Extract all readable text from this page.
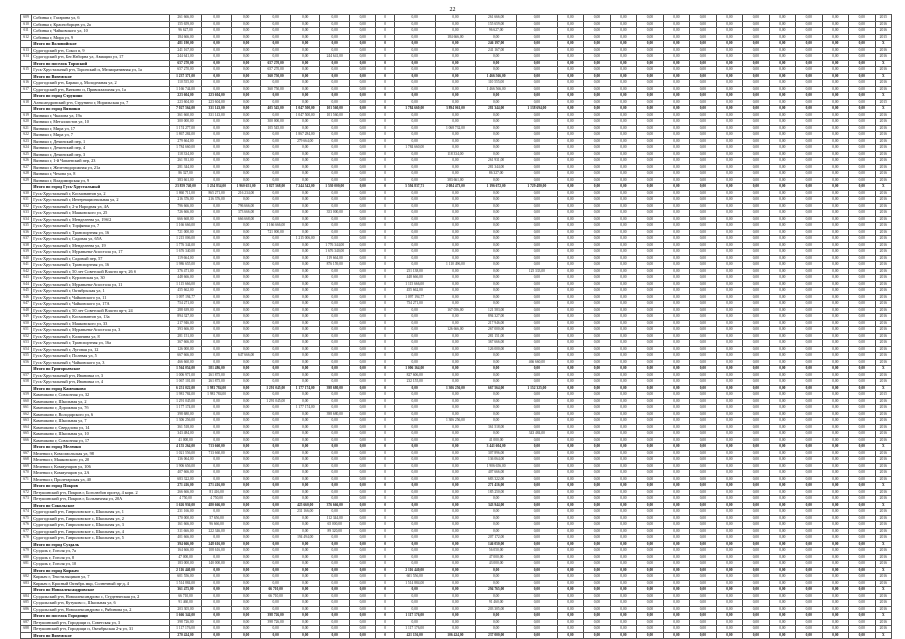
22
609	Собинка г, Гагарина ул, 6	261 666,00	0,00	0,00	0,00	0,00	0,00	0,00	0	0,00	0,00	261 666,00	0,00	0,00	0,00	0,00	0,00	0,00	0,00	0,00	0,00	0,00	0,00	0,00	0,00	2015
610	Собинка г, Красноборцев ул, 2а	155 659,00	0,00	0,00	0,00	0,00	0,00	0,00	0	0,00	0,00	155 659,00	0,00	0,00	0,00	0,00	0,00	0,00	0,00	0,00	0,00	0,00	0,00	0,00	0,00	2016
611	Собинка г, Чайковского ул, 10	96 627,00	0,00	0,00	0,00	0,00	0,00	0,00	0	0,00	0,00	96 627,00	0,00	0,00	0,00	0,00	0,00	0,00	0,00	0,00	0,00	0,00	0,00	0,00	0,00	2016
612	Собинка г, Мира ул, 9	184 666,00	0,00	0,00	0,00	0,00	0,00	0,00	0	0,00	184 666,00	0,00	0,00	0,00	0,00	0,00	0,00	0,00	0,00	0,00	0,00	0,00	0,00	0,00	0,00	2015
	Итого по Воловийское	481 190,00	0,00	0,00	0,00	0,00	0,00	0,00	0	0,00	0,00	246 197,00	0,00	0,00	0,00	0,00	0,00	0,00	0,00	0,00	0,00	0,00	0,00	0,00	0,00	X
613	Судогодский р-н, Сокол п, 9	241 167,00	0,00	0,00	0,00	0,00	0,00	0,00	0	0,00	0,00	241 167,00	0,00	0,00	0,00	0,00	0,00	0,00	0,00	0,00	0,00	0,00	0,00	0,00	0,00	2016
614	Судогодский р-н, Бег.Наборна ул, Авиации ул, 17	244 641,00	0,00	0,00	0,00	0,00	244 641,00	0,00	0	0,00	0,00	0,00	0,00	0,00	0,00	0,00	0,00	0,00	0,00	0,00	0,00	0,00	0,00	0,00	0,00	2016
	Итого по поселок Торнский	657 270,00	0,00	0,00	657 270,00	0,00	0,00	0,00	0	0,00	0,00	0,00	0,00	0,00	0,00	0,00	0,00	0,00	0,00	0,00	0,00	0,00	0,00	0,00	0,00	X
615	Гусь-Хрустальный р-н, Торонский п, Мелиоративная ул, 1а	657 270,00	0,00	0,00	657 270,00	0,00	0,00	0,00	0	0,00	0,00	0,00	0,00	0,00	0,00	0,00	0,00	0,00	0,00	0,00	0,00	0,00	0,00	0,00	0,00	2016
	Итого по Вяземское	1 237 371,00	0,00	0,00	360 750,00	0,00	0,00	0,00	0	0,00	0,00	1 466 566,00	0,00	0,00	0,00	0,00	0,00	0,00	0,00	0,00	0,00	0,00	0,00	0,00	0,00	X
616	Судогодский р-н, Бараки д, Молодежная ул, 2	110 555,00	0,00	0,00	0,00	0,00	0,00	0,00	0	0,00	0,00	110 555,00	0,00	0,00	0,00	0,00	0,00	0,00	0,00	0,00	0,00	0,00	0,00	0,00	0,00	2016
617	Судогодский р-н, Вяткино п, Привокзальная ул, 1а	1 166 744,00	0,00	0,00	360 750,00	0,00	0,00	0,00	0	0,00	0,00	1 466 566,00	0,00	0,00	0,00	0,00	0,00	0,00	0,00	0,00	0,00	0,00	0,00	0,00	0,00	2016
	Итого по город Струнино	223 604,00	223 604,00	0,00	0,00	0,00	0,00	0,00	0	0,00	0,00	0,00	0,00	0,00	0,00	0,00	0,00	0,00	0,00	0,00	0,00	0,00	0,00	0,00	0,00	X
618	Александровский р-н, Струнино г, Норильская ул, 7	223 604,00	223 604,00	0,00	0,00	0,00	0,00	0,00	0	0,00	0,00	0,00	0,00	0,00	0,00	0,00	0,00	0,00	0,00	0,00	0,00	0,00	0,00	0,00	0,00	2015
	Итого по город Вязники	7 027 564,00	331 143,00	0,00	405 545,00	1 047 500,00	101 560,00	0,00	0	1 784 660,00	3 894 061,00	281 344,00	1 138 694,00	0,00	0,00	0,00	0,00	0,00	0,00	0,00	0,00	0,00	0,00	0,00	0,00	X
619	Вязники г, Чкалова ул, 19а	361 660,00	331 143,00	0,00	0,00	1 047 500,00	101 560,00	0,00	0	0,00	0,00	0,00	0,00	0,00	0,00	0,00	0,00	0,00	0,00	0,00	0,00	0,00	0,00	0,00	0,00	2016
620	Вязники г, Металлистов ул, 10	300 000,00	0,00	0,00	300 000,00	0,00	0,00	0,00	0	0,00	0,00	0,00	0,00	0,00	0,00	0,00	0,00	0,00	0,00	0,00	0,00	0,00	0,00	0,00	0,00	2016
621	Вязники г, Мира ул, 17	1 174 277,00	0,00	0,00	105 545,00	0,00	0,00	0,00	0	0,00	1 068 732,00	0,00	0,00	0,00	0,00	0,00	0,00	0,00	0,00	0,00	0,00	0,00	0,00	0,00	0,00	2016
622	Вязники г, Мира ул, 7	1 867 284,00	0,00	0,00	0,00	1 867 284,00	0,00	0,00	0	0,00	0,00	0,00	0,00	0,00	0,00	0,00	0,00	0,00	0,00	0,00	0,00	0,00	0,00	0,00	0,00	2016
623	Вязники г, Дечинский пер, 1	279 664,00	0,00	0,00	0,00	279 664,00	0,00	0,00	0	0,00	0,00	0,00	0,00	0,00	0,00	0,00	0,00	0,00	0,00	0,00	0,00	0,00	0,00	0,00	0,00	2016
624	Вязники г, Дечинский пер, 4	1 784 660,00	0,00	0,00	0,00	0,00	0,00	0,00	0	1 784 660,00	0,00	0,00	0,00	0,00	0,00	0,00	0,00	0,00	0,00	0,00	0,00	0,00	0,00	0,00	0,00	2016
625	Вязники г, Дечинский пер, 3	118 334,00	0,00	0,00	0,00	0,00	0,00	0,00	0	0,00	118 334,00	0,00	0,00	0,00	0,00	0,00	0,00	0,00	0,00	0,00	0,00	0,00	0,00	0,00	0,00	2016
626	Вязники г, 1-й Чапаевский пер, 23	261 931,00	0,00	0,00	0,00	0,00	0,00	0,00	0	0,00	0,00	261 931,00	0,00	0,00	0,00	0,00	0,00	0,00	0,00	0,00	0,00	0,00	0,00	0,00	0,00	2016
627	Вязники г, Железнодорожная ул, 21а	281 344,00	0,00	0,00	0,00	0,00	0,00	0,00	0	0,00	0,00	281 344,00	0,00	0,00	0,00	0,00	0,00	0,00	0,00	0,00	0,00	0,00	0,00	0,00	0,00	2016
628	Вязники г, Чехова ул, 8	86 327,00	0,00	0,00	0,00	0,00	0,00	0,00	0	0,00	0,00	86 327,00	0,00	0,00	0,00	0,00	0,00	0,00	0,00	0,00	0,00	0,00	0,00	0,00	0,00	2016
629	Вязники г, Владимирская ул, 9	383 661,00	0,00	0,00	0,00	0,00	0,00	0,00	0	0,00	383 661,00	0,00	0,00	0,00	0,00	0,00	0,00	0,00	0,00	0,00	0,00	0,00	0,00	0,00	0,00	2016
	Итого по город Гусь-Хрустальный	23 859 740,00	1 254 834,00	1 960 651,00	3 827 568,00	7 244 542,00	1 530 000,00	0,00	0	5 594 837,71	2 084 473,00	1 196 672,00	1 729 480,00	0,00	0,00	0,00	0,00	0,00	0,00	0,00	0,00	0,00	0,00	0,00	0,00	X
630	Гусь-Хрустальный г, Космонавтов ул, 2	1 860 711,00	865 271,00	216 234,00	0,00	0,00	0,00	0,00	0	0,00	0,00	0,00	0,00	0,00	0,00	0,00	0,00	0,00	0,00	0,00	0,00	0,00	0,00	0,00	0,00	2016
631	Гусь-Хрустальный г, Интернациональная ул, 2	216 376,00	216 376,00	0,00	0,00	0,00	0,00	0,00	0	0,00	0,00	0,00	0,00	0,00	0,00	0,00	0,00	0,00	0,00	0,00	0,00	0,00	0,00	0,00	0,00	2016
632	Гусь-Хрустальный г, 2-я Народная ул, 4А	796 666,00	0,00	796 666,00	0,00	0,00	0,00	0,00	0	0,00	0,00	0,00	0,00	0,00	0,00	0,00	0,00	0,00	0,00	0,00	0,00	0,00	0,00	0,00	0,00	2016
633	Гусь-Хрустальный г, Маяковского ул, 25	726 666,00	0,00	373 666,00	0,00	0,00	353 000,00	0,00	0	0,00	0,00	0,00	0,00	0,00	0,00	0,00	0,00	0,00	0,00	0,00	0,00	0,00	0,00	0,00	0,00	2016
634	Гусь-Хрустальный г, Менделеева ул, 19б/2	666 668,00	0,00	666 668,00	0,00	0,00	0,00	0,00	0	0,00	0,00	0,00	0,00	0,00	0,00	0,00	0,00	0,00	0,00	0,00	0,00	0,00	0,00	0,00	0,00	2016
635	Гусь-Хрустальный г, Торфяная ул, 7	1 166 666,00	0,00	0,00	1 166 666,00	0,00	0,00	0,00	0	0,00	0,00	0,00	0,00	0,00	0,00	0,00	0,00	0,00	0,00	0,00	0,00	0,00	0,00	0,00	0,00	2016
636	Гусь-Хрустальный г, Транспортная ул, 16	721 000,00	0,00	0,00	721 000,00	0,00	0,00	0,00	0	0,00	0,00	0,00	0,00	0,00	0,00	0,00	0,00	0,00	0,00	0,00	0,00	0,00	0,00	0,00	0,00	2016
637	Гусь-Хрустальный г, Садовая ул, 65А	1 215 006,00	0,00	0,00	0,00	1 215 006,00	0,00	0,00	0	0,00	0,00	0,00	0,00	0,00	0,00	0,00	0,00	0,00	0,00	0,00	0,00	0,00	0,00	0,00	0,00	2016
638	Гусь-Хрустальный г, Менделеева ул, 19	1 776 344,00	0,00	0,00	0,00	0,00	1 776 344,00	0,00	0	0,00	0,00	0,00	0,00	0,00	0,00	0,00	0,00	0,00	0,00	0,00	0,00	0,00	0,00	0,00	0,00	2016
639	Гусь-Хрустальный г, Муравьева-Апостола ул, 17	1 676 340,00	0,00	0,00	0,00	0,00	1 676 340,00	0,00	0	0,00	0,00	0,00	0,00	0,00	0,00	0,00	0,00	0,00	0,00	0,00	0,00	0,00	0,00	0,00	0,00	2016
640	Гусь-Хрустальный г, Садовый пер, 57	119 664,00	0,00	0,00	0,00	0,00	119 664,00	0,00	0	0,00	0,00	0,00	0,00	0,00	0,00	0,00	0,00	0,00	0,00	0,00	0,00	0,00	0,00	0,00	0,00	2016
641	Гусь-Хрустальный г, Транспортная ул, 16	1 986 655,00	0,00	0,00	0,00	0,00	876 159,00	0,00	0	0,00	1 110 496,00	0,00	0,00	0,00	0,00	0,00	0,00	0,00	0,00	0,00	0,00	0,00	0,00	0,00	0,00	2016
642	Гусь-Хрустальный г, 50 лет Советской Власти пр-т, 26 б	376 471,00	0,00	0,00	0,00	0,00	0,00	0,00	0	251 138,00	0,00	0,00	125 333,00	0,00	0,00	0,00	0,00	0,00	0,00	0,00	0,00	0,00	0,00	0,00	0,00	2016
643	Гусь-Хрустальный г, Курловская ул, 30	448 666,00	0,00	0,00	0,00	0,00	0,00	0,00	0	448 666,00	0,00	0,00	0,00	0,00	0,00	0,00	0,00	0,00	0,00	0,00	0,00	0,00	0,00	0,00	0,00	2016
644	Гусь-Хрустальный г, Муравьева-Апостола ул, 11	1 115 666,00	0,00	0,00	0,00	0,00	0,00	0,00	0	1 115 666,00	0,00	0,00	0,00	0,00	0,00	0,00	0,00	0,00	0,00	0,00	0,00	0,00	0,00	0,00	0,00	2016
645	Гусь-Хрустальный г, Октябрьская ул, 1	455 662,00	0,00	0,00	0,00	0,00	0,00	0,00	0	455 662,00	0,00	0,00	0,00	0,00	0,00	0,00	0,00	0,00	0,00	0,00	0,00	0,00	0,00	0,00	0,00	2016
646	Гусь-Хрустальный г, Чайковского ул, 11	1 097 194,77	0,00	0,00	0,00	0,00	0,00	0,00	0	1 097 194,77	0,00	0,00	0,00	0,00	0,00	0,00	0,00	0,00	0,00	0,00	0,00	0,00	0,00	0,00	0,00	2016
647	Гусь-Хрустальный г, Чайковского ул, 17А	754 271,00	0,00	0,00	0,00	0,00	0,00	0,00	0	754 271,00	0,00	0,00	0,00	0,00	0,00	0,00	0,00	0,00	0,00	0,00	0,00	0,00	0,00	0,00	0,00	2016
648	Гусь-Хрустальный г, 50 лет Советской Власти пр-т, 24	288 639,00	0,00	0,00	0,00	0,00	0,00	0,00	0	0,00	167 056,00	121 583,00	0,00	0,00	0,00	0,00	0,00	0,00	0,00	0,00	0,00	0,00	0,00	0,00	0,00	2016
649	Гусь-Хрустальный г, Космонавтов ул, 13а	894 327,00	0,00	0,00	0,00	0,00	0,00	0,00	0	0,00	0,00	894 327,00	0,00	0,00	0,00	0,00	0,00	0,00	0,00	0,00	0,00	0,00	0,00	0,00	0,00	2016
650	Гусь-Хрустальный г, Маяковского ул, 33	217 946,00	0,00	0,00	0,00	0,00	0,00	0,00	0	0,00	0,00	217 946,00	0,00	0,00	0,00	0,00	0,00	0,00	0,00	0,00	0,00	0,00	0,00	0,00	0,00	2016
651	Гусь-Хрустальный г, Муравьева-Апостола ул, 3	393 666,00	0,00	0,00	0,00	0,00	0,00	0,00	0	0,00	126 666,00	267 000,00	0,00	0,00	0,00	0,00	0,00	0,00	0,00	0,00	0,00	0,00	0,00	0,00	0,00	2016
652	Гусь-Хрустальный г, Калинина ул, 8	281 151,00	0,00	0,00	0,00	0,00	0,00	0,00	0	0,00	0,00	281 151,00	0,00	0,00	0,00	0,00	0,00	0,00	0,00	0,00	0,00	0,00	0,00	0,00	0,00	2016
653	Гусь-Хрустальный г, Транспортная ул, 16а	367 666,00	0,00	0,00	0,00	0,00	0,00	0,00	0	0,00	0,00	367 666,00	0,00	0,00	0,00	0,00	0,00	0,00	0,00	0,00	0,00	0,00	0,00	0,00	0,00	2016
654	Гусь-Хрустальный г, Луговая ул, 12	126 000,00	0,00	0,00	0,00	0,00	0,00	0,00	0	0,00	0,00	126 000,00	0,00	0,00	0,00	0,00	0,00	0,00	0,00	0,00	0,00	0,00	0,00	0,00	0,00	2016
655	Гусь-Хрустальный г, Полевая ул, 5	667 666,00	0,00	647 666,00	0,00	0,00	0,00	0,00	0	0,00	0,00	0,00	0,00	0,00	0,00	0,00	0,00	0,00	0,00	0,00	0,00	0,00	0,00	0,00	0,00	2016
656	Гусь-Хрустальный г, Чайковского ул, 3	466 660,00	0,00	0,00	0,00	0,00	0,00	0,00	0	0,00	0,00	0,00	466 660,00	0,00	0,00	0,00	0,00	0,00	0,00	0,00	0,00	0,00	0,00	0,00	0,00	2016
	Итого по Григорьевское	1 564 054,00	581 486,00	0,00	0,00	0,00	0,00	0,00	0	1 006 164,00	0,00	0,00	0,00	0,00	0,00	0,00	0,00	0,00	0,00	0,00	0,00	0,00	0,00	0,00	0,00	X
657	Гусь-Хрустальный р-н, Ивановка ст, 3	1 006 971,00	261 875,00	0,00	0,00	0,00	0,00	0,00	0	827 606,00	0,00	0,00	0,00	0,00	0,00	0,00	0,00	0,00	0,00	0,00	0,00	0,00	0,00	0,00	0,00	2016
658	Гусь-Хрустальный р-н, Ивановка ст, 4	1 067 101,00	261 875,00	0,00	0,00	0,00	0,00	0,00	0	232 155,00	0,00	0,00	0,00	0,00	0,00	0,00	0,00	0,00	0,00	0,00	0,00	0,00	0,00	0,00	0,00	2016
	Итого по город Камешково	6 251 022,00	1 981 784,00	0,00	1 291 045,00	1 177 174,00	398 680,00	0,00	0	0,00	1 306 256,00	667 564,00	1 152 325,00	0,00	0,00	0,00	0,00	0,00	0,00	0,00	0,00	0,00	0,00	0,00	0,00	X
659	Камешково г, Совхозная ул, 32	1 981 784,00	1 981 784,00	0,00	0,00	0,00	0,00	0,00	0	0,00	0,00	0,00	0,00	0,00	0,00	0,00	0,00	0,00	0,00	0,00	0,00	0,00	0,00	0,00	0,00	2015
660	Камешково г, Школьная ул, 2	1 291 045,00	0,00	0,00	1 291 045,00	0,00	0,00	0,00	0	0,00	0,00	0,00	0,00	0,00	0,00	0,00	0,00	0,00	0,00	0,00	0,00	0,00	0,00	0,00	0,00	2016
661	Камешково г, Дорожная ул, 7б	1 177 174,00	0,00	0,00	0,00	1 177 174,00	0,00	0,00	0	0,00	0,00	0,00	0,00	0,00	0,00	0,00	0,00	0,00	0,00	0,00	0,00	0,00	0,00	0,00	0,00	2016
662	Камешково г, Володарского ул, 6	398 680,00	0,00	0,00	0,00	0,00	398 680,00	0,00	0	0,00	0,00	0,00	0,00	0,00	0,00	0,00	0,00	0,00	0,00	0,00	0,00	0,00	0,00	0,00	0,00	2016
663	Камешково г, Школьная ул, 7	1 306 256,00	0,00	0,00	0,00	0,00	0,00	0,00	0	0,00	1 306 256,00	0,00	0,00	0,00	0,00	0,00	0,00	0,00	0,00	0,00	0,00	0,00	0,00	0,00	0,00	2016
664	Камешково г, Свердлова ул, 14	361 518,00	0,00	0,00	0,00	0,00	0,00	0,00	0	0,00	0,00	361 518,00	0,00	0,00	0,00	0,00	0,00	0,00	0,00	0,00	0,00	0,00	0,00	0,00	0,00	2016
665	Камешково г, Школьная ул, 10	343 484,00	0,00	0,00	0,00	0,00	0,00	0,00	0	0,00	0,00	0,00	343 484,00	0,00	0,00	0,00	0,00	0,00	0,00	0,00	0,00	0,00	0,00	0,00	0,00	2016
666	Камешково г, Совхозная ул, 17	41 000,00	0,00	0,00	0,00	0,00	0,00	0,00	0	0,00	0,00	41 000,00	0,00	0,00	0,00	0,00	0,00	0,00	0,00	0,00	0,00	0,00	0,00	0,00	0,00	2016
	Итого по город Меленки	4 155 264,00	713 660,00	0,00	0,00	0,00	0,00	0,00	0	0,00	0,00	3 441 604,00	0,00	0,00	0,00	0,00	0,00	0,00	0,00	0,00	0,00	0,00	0,00	0,00	0,00	X
667	Меленки г, Комсомольская ул, 98	1 021 556,00	713 660,00	0,00	0,00	0,00	0,00	0,00	0	0,00	0,00	307 896,00	0,00	0,00	0,00	0,00	0,00	0,00	0,00	0,00	0,00	0,00	0,00	0,00	0,00	2016
668	Меленки г, Маяковского ул, 20	136 064,00	0,00	0,00	0,00	0,00	0,00	0,00	0	0,00	0,00	136 064,00	0,00	0,00	0,00	0,00	0,00	0,00	0,00	0,00	0,00	0,00	0,00	0,00	0,00	2016
669	Меленки г, Коммунаров ул, 106	1 906 656,00	0,00	0,00	0,00	0,00	0,00	0,00	0	0,00	0,00	1 906 656,00	0,00	0,00	0,00	0,00	0,00	0,00	0,00	0,00	0,00	0,00	0,00	0,00	0,00	2016
670	Меленки г, Коммунаров ул, 2А	407 666,00	0,00	0,00	0,00	0,00	0,00	0,00	0	0,00	0,00	407 666,00	0,00	0,00	0,00	0,00	0,00	0,00	0,00	0,00	0,00	0,00	0,00	0,00	0,00	2016
671	Меленки г, Пролетарская ул, 40	683 322,00	0,00	0,00	0,00	0,00	0,00	0,00	0	0,00	0,00	683 322,00	0,00	0,00	0,00	0,00	0,00	0,00	0,00	0,00	0,00	0,00	0,00	0,00	0,00	2016
	Итого по город Покров	271 416,00	271 416,00	0,00	0,00	0,00	0,00	0,00	0	0,00	0,00	271 416,00	0,00	0,00	0,00	0,00	0,00	0,00	0,00	0,00	0,00	0,00	0,00	0,00	0,00	X
672	Петушинский р-н, Покров г, Боголюбов проезд, 4 корп. 2	266 666,00	81 416,00	0,00	0,00	0,00	0,00	0,00	0	0,00	0,00	185 250,00	0,00	0,00	0,00	0,00	0,00	0,00	0,00	0,00	0,00	0,00	0,00	0,00	0,00	2016
673	Петушинский р-н, Покров г, Больничная ул, 20А	4 750,00	4 750,00	0,00	0,00	0,00	0,00	0,00	0	0,00	0,00	0,00	0,00	0,00	0,00	0,00	0,00	0,00	0,00	0,00	0,00	0,00	0,00	0,00	0,00	2016
	Итого по Сокольское	1 626 936,00	480 666,00	0,00	0,00	425 660,00	376 666,00	0,00	0	0,00	0,00	343 944,00	0,00	0,00	0,00	0,00	0,00	0,00	0,00	0,00	0,00	0,00	0,00	0,00	0,00	X
674	Судогодский р-н, Гавриловское с, Школьная ул, 1	231 166,00	0,00	0,00	0,00	231 166,00	0,00	0,00	0	0,00	0,00	0,00	0,00	0,00	0,00	0,00	0,00	0,00	0,00	0,00	0,00	0,00	0,00	0,00	0,00	2016
675	Судогодский р-н, Гавриловское с, Школьная ул, 2	170 000,00	57 656,00	0,00	0,00	0,00	112 344,00	0,00	0	0,00	0,00	0,00	0,00	0,00	0,00	0,00	0,00	0,00	0,00	0,00	0,00	0,00	0,00	0,00	0,00	2016
676	Судогодский р-н, Гавриловское с, Школьная ул, 3	161 666,00	96 666,00	0,00	0,00	0,00	65 000,00	0,00	0	0,00	0,00	0,00	0,00	0,00	0,00	0,00	0,00	0,00	0,00	0,00	0,00	0,00	0,00	0,00	0,00	2016
677	Судогодский р-н, Гавриловское с, Школьная ул, 4	311 666,00	222 346,00	0,00	0,00	0,00	89 320,00	0,00	0	0,00	0,00	0,00	0,00	0,00	0,00	0,00	0,00	0,00	0,00	0,00	0,00	0,00	0,00	0,00	0,00	2016
678	Судогодский р-н, Гавриловское с, Школьная ул, 5	401 666,00	0,00	0,00	0,00	194 494,00	0,00	0,00	0	0,00	0,00	207 172,00	0,00	0,00	0,00	0,00	0,00	0,00	0,00	0,00	0,00	0,00	0,00	0,00	0,00	2016
	Итого по город Суздаль	394 666,00	248 616,00	0,00	0,00	0,00	0,00	0,00	0	0,00	0,00	146 050,00	0,00	0,00	0,00	0,00	0,00	0,00	0,00	0,00	0,00	0,00	0,00	0,00	0,00	X
679	Суздаль г, Гоголя ул, 7а	164 666,00	108 616,00	0,00	0,00	0,00	0,00	0,00	0	0,00	0,00	56 050,00	0,00	0,00	0,00	0,00	0,00	0,00	0,00	0,00	0,00	0,00	0,00	0,00	0,00	2016
680	Суздаль г, Гоголя ул, 8	47 000,00	0,00	0,00	0,00	0,00	0,00	0,00	0	0,00	0,00	47 000,00	0,00	0,00	0,00	0,00	0,00	0,00	0,00	0,00	0,00	0,00	0,00	0,00	0,00	2016
681	Суздаль г, Гоголя ул, 10	183 000,00	140 000,00	0,00	0,00	0,00	0,00	0,00	0	0,00	0,00	43 000,00	0,00	0,00	0,00	0,00	0,00	0,00	0,00	0,00	0,00	0,00	0,00	0,00	0,00	2016
	Итого по город Киржач	2 116 440,00	0,00	0,00	0,00	0,00	0,00	0,00	0	2 116 440,00	0,00	0,00	0,00	0,00	0,00	0,00	0,00	0,00	0,00	0,00	0,00	0,00	0,00	0,00	0,00	X
682	Киржач г, Текстильщиков ул, 7	601 556,00	0,00	0,00	0,00	0,00	0,00	0,00	0	601 556,00	0,00	0,00	0,00	0,00	0,00	0,00	0,00	0,00	0,00	0,00	0,00	0,00	0,00	0,00	0,00	2016
683	Киржач г, Красный Октябрь мкр, Солнечный пр-д, 4	1 514 884,00	0,00	0,00	0,00	0,00	0,00	0,00	0	1 514 884,00	0,00	0,00	0,00	0,00	0,00	0,00	0,00	0,00	0,00	0,00	0,00	0,00	0,00	0,00	0,00	2016
	Итого по Новоалександровское	361 475,00	0,00	0,00	66 710,00	0,00	0,00	0,00	0	0,00	0,00	294 765,00	0,00	0,00	0,00	0,00	0,00	0,00	0,00	0,00	0,00	0,00	0,00	0,00	0,00	X
684	Суздальский р-н, Новоалександрово с, Студенческая ул, 2	66 710,00	0,00	0,00	66 710,00	0,00	0,00	0,00	0	0,00	0,00	0,00	0,00	0,00	0,00	0,00	0,00	0,00	0,00	0,00	0,00	0,00	0,00	0,00	0,00	2016
685	Суздальский р-н, Кутуково с, Школьная ул, 6	91 460,00	0,00	0,00	0,00	0,00	0,00	0,00	0	0,00	0,00	91 460,00	0,00	0,00	0,00	0,00	0,00	0,00	0,00	0,00	0,00	0,00	0,00	0,00	0,00	2016
686	Суздальский р-н, Новоалександрово с, Рябинова ул, 2	203 305,00	0,00	0,00	0,00	0,00	0,00	0,00	0	0,00	0,00	203 305,00	0,00	0,00	0,00	0,00	0,00	0,00	0,00	0,00	0,00	0,00	0,00	0,00	0,00	2016
	Итого по поселок Городищи	1 666 344,00	0,00	0,00	398 726,00	0,00	0,00	0,00	0	1 117 176,00	0,00	0,00	0,00	0,00	0,00	0,00	0,00	0,00	0,00	0,00	0,00	0,00	0,00	0,00	0,00	X
687	Петушинский р-н, Городищи п, Советская ул, 3	398 726,00	0,00	0,00	398 726,00	0,00	0,00	0,00	0	0,00	0,00	0,00	0,00	0,00	0,00	0,00	0,00	0,00	0,00	0,00	0,00	0,00	0,00	0,00	0,00	2016
688	Петушинский р-н, Городищи п, Октябрьская 2-я ул, 31	1 117 176,00	0,00	0,00	0,00	0,00	0,00	0,00	0	1 117 176,00	0,00	0,00	0,00	0,00	0,00	0,00	0,00	0,00	0,00	0,00	0,00	0,00	0,00	0,00	0,00	2016
	Итого по Вяземское	270 424,00	0,00	0,00	0,00	0,00	0,00	0,00	0	421 156,00	106 424,00	237 000,00	0,00	0,00	0,00	0,00	0,00	0,00	0,00	0,00	0,00	0,00	0,00	0,00	0,00	X
